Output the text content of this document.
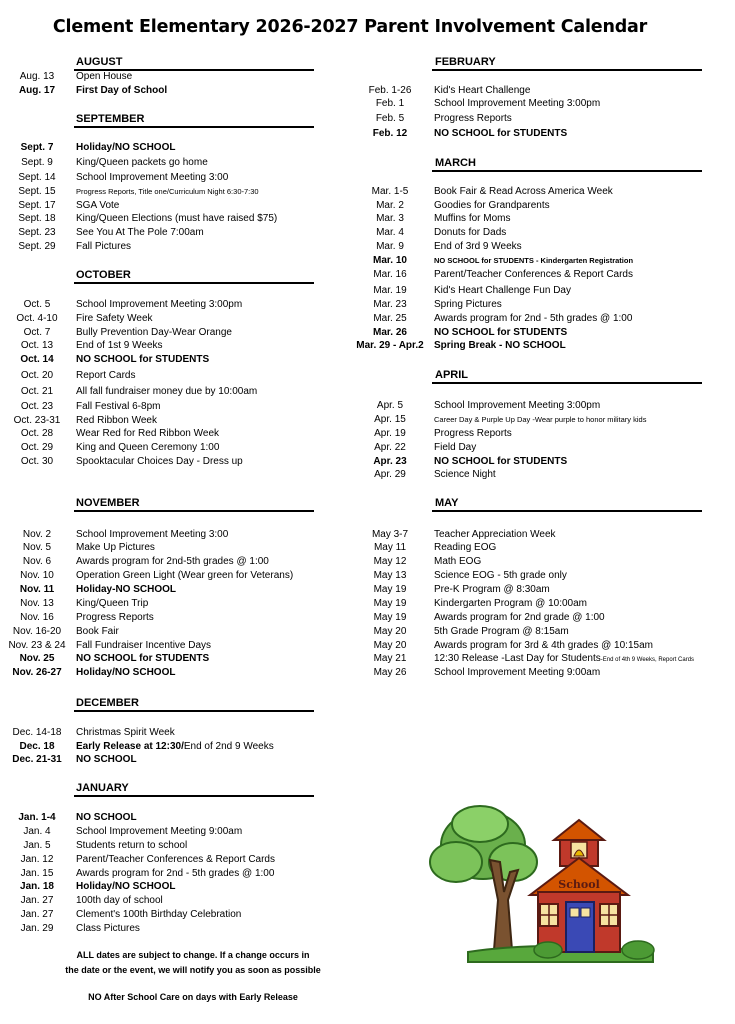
Clement Elementary 2026-2027 Parent Involvement Calendar
AUGUST
Aug. 13	Open House
Aug. 17	First Day of School
SEPTEMBER
Sept. 7	Holiday/NO SCHOOL
Sept. 9	King/Queen packets go home
Sept. 14	School Improvement Meeting 3:00
Sept. 15	Progress Reports, Title one/Curriculum Night 6:30-7:30
Sept. 17	SGA Vote
Sept. 18	King/Queen Elections (must have raised $75)
Sept. 23	See You At The Pole 7:00am
Sept. 29	Fall Pictures
OCTOBER
Oct. 5	School Improvement Meeting 3:00pm
Oct. 4-10	Fire Safety Week
Oct. 7	Bully Prevention Day-Wear Orange
Oct. 13	End of 1st 9 Weeks
Oct. 14	NO SCHOOL for STUDENTS
Oct. 20	Report Cards
Oct. 21	All fall fundraiser money due by 10:00am
Oct. 23	Fall Festival 6-8pm
Oct. 23-31	Red Ribbon Week
Oct. 28	Wear Red for Red Ribbon Week
Oct. 29	King and Queen Ceremony 1:00
Oct. 30	Spooktacular Choices Day - Dress up
NOVEMBER
Nov. 2	School Improvement Meeting 3:00
Nov. 5	Make Up Pictures
Nov. 6	Awards program for 2nd-5th grades @ 1:00
Nov. 10	Operation Green Light (Wear green for Veterans)
Nov. 11	Holiday-NO SCHOOL
Nov. 13	King/Queen Trip
Nov. 16	Progress Reports
Nov. 16-20	Book Fair
Nov. 23 & 24 Fall Fundraiser Incentive Days
Nov. 25	NO SCHOOL for STUDENTS
Nov. 26-27	Holiday/NO SCHOOL
DECEMBER
Dec. 14-18	Christmas Spirit Week
Dec. 18	Early Release at 12:30/End of 2nd 9 Weeks
Dec. 21-31	NO SCHOOL
JANUARY
Jan. 1-4	NO SCHOOL
Jan. 4	School Improvement Meeting 9:00am
Jan. 5	Students return to school
Jan. 12	Parent/Teacher Conferences & Report Cards
Jan. 15	Awards program for 2nd - 5th grades @ 1:00
Jan. 18	Holiday/NO SCHOOL
Jan. 27	100th day of school
Jan. 27	Clement's 100th Birthday Celebration
Jan. 29	Class Pictures
FEBRUARY
Feb. 1-26	Kid's Heart Challenge
Feb. 1	School Improvement Meeting 3:00pm
Feb. 5	Progress Reports
Feb. 12	NO SCHOOL for STUDENTS
MARCH
Mar. 1-5	Book Fair & Read Across America Week
Mar. 2	Goodies for Grandparents
Mar. 3	Muffins for Moms
Mar. 4	Donuts for Dads
Mar. 9	End of 3rd 9 Weeks
Mar. 10	NO SCHOOL for STUDENTS - Kindergarten Registration
Mar. 16	Parent/Teacher Conferences & Report Cards
Mar. 19	Kid's Heart Challenge Fun Day
Mar. 23	Spring Pictures
Mar. 25	Awards program for 2nd - 5th grades @ 1:00
Mar. 26	NO SCHOOL for STUDENTS
Mar. 29 - Apr.2	Spring Break - NO SCHOOL
APRIL
Apr. 5	School Improvement Meeting 3:00pm
Apr. 15	Career Day & Purple Up Day -Wear purple to honor military kids
Apr. 19	Progress Reports
Apr. 22	Field Day
Apr. 23	NO SCHOOL for STUDENTS
Apr. 29	Science Night
MAY
May 3-7	Teacher Appreciation Week
May 11	Reading EOG
May 12	Math EOG
May 13	Science EOG - 5th grade only
May 19	Pre-K Program @ 8:30am
May 19	Kindergarten Program @ 10:00am
May 19	Awards program for 2nd grade @ 1:00
May 20	5th Grade Program @ 8:15am
May 20	Awards program for 3rd & 4th grades @ 10:15am
May 21	12:30 Release -Last Day for Students-End of 4th 9 Weeks, Report Cards
May 26	School Improvement Meeting 9:00am
ALL dates are subject to change. If a change occurs in
the date or the event, we will notify you as soon as possible
NO After School Care on days with Early Release
School
